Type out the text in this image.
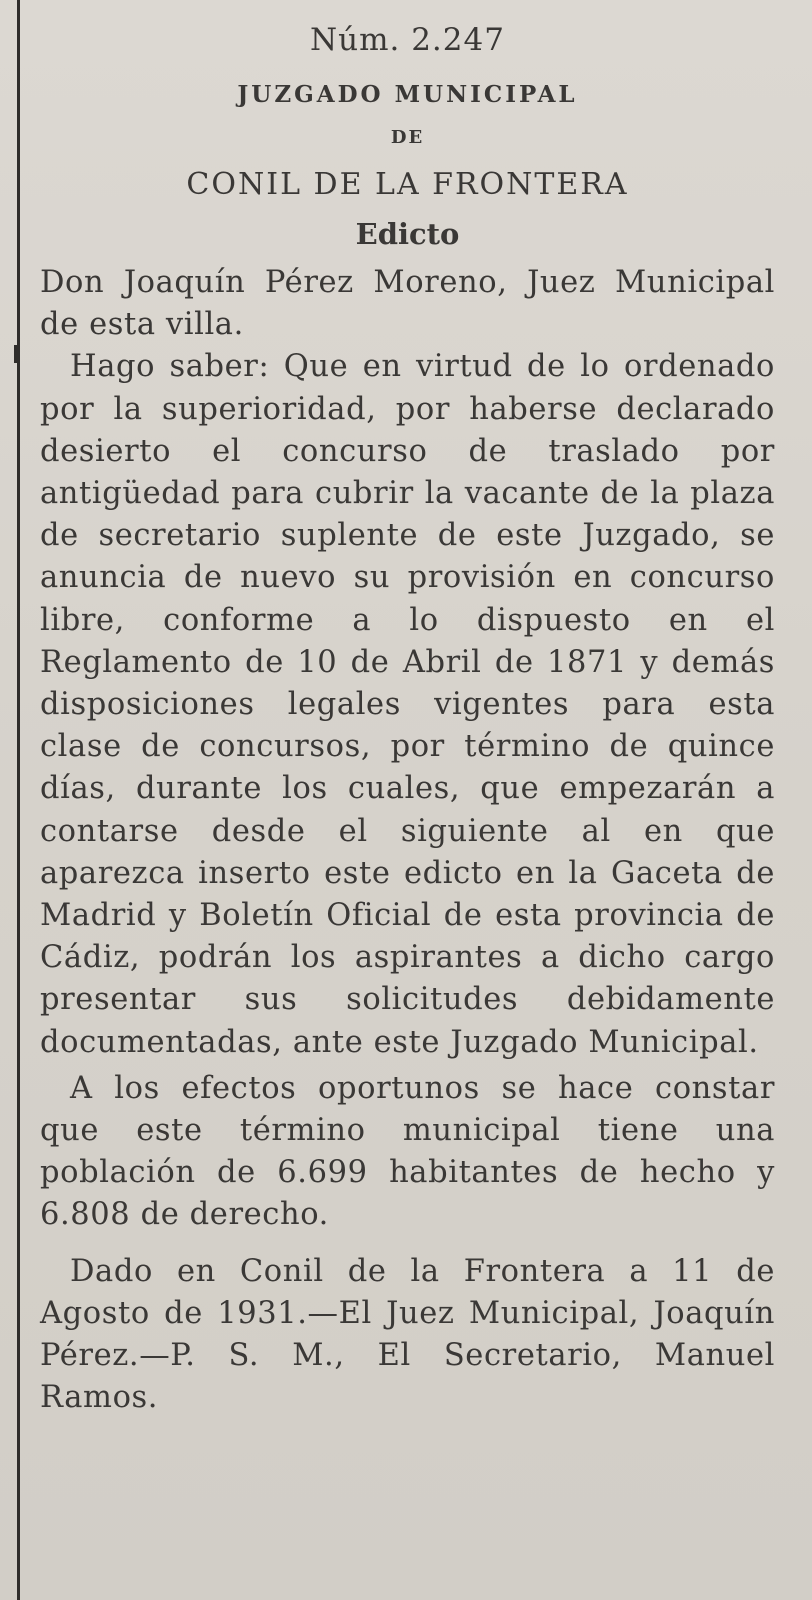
Núm. 2.247
JUZGADO MUNICIPAL
DE
CONIL DE LA FRONTERA
Edicto

Don Joaquín Pérez Moreno, Juez Municipal de esta villa.

Hago saber: Que en virtud de lo ordenado por la superioridad, por haberse declarado desierto el concurso de traslado por antigüedad para cubrir la vacante de la plaza de secretario suplente de este Juzgado, se anuncia de nuevo su provisión en concurso libre, conforme a lo dispuesto en el Reglamento de 10 de Abril de 1871 y demás disposiciones legales vigentes para esta clase de concursos, por término de quince días, durante los cuales, que empezarán a contarse desde el siguiente al en que aparezca inserto este edicto en la Gaceta de Madrid y Boletín Oficial de esta provincia de Cádiz, podrán los aspirantes a dicho cargo presentar sus solicitudes debidamente documentadas, ante este Juzgado Municipal.

A los efectos oportunos se hace constar que este término municipal tiene una población de 6.699 habitantes de hecho y 6.808 de derecho.

Dado en Conil de la Frontera a 11 de Agosto de 1931.—El Juez Municipal, Joaquín Pérez.—P. S. M., El Secretario, Manuel Ramos.
